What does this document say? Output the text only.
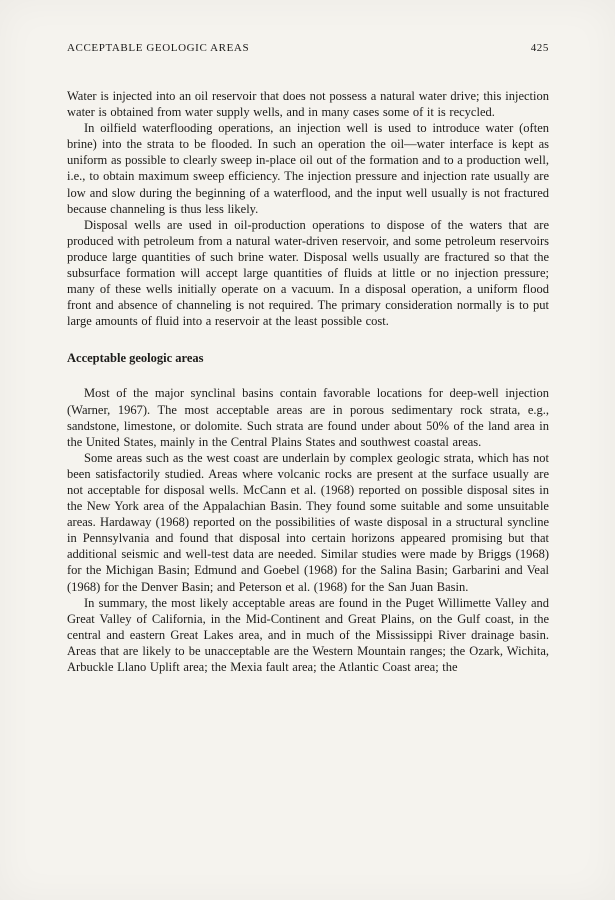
ACCEPTABLE GEOLOGIC AREAS	425

Water is injected into an oil reservoir that does not possess a natural water drive; this injection water is obtained from water supply wells, and in many cases some of it is recycled.

In oilfield waterflooding operations, an injection well is used to introduce water (often brine) into the strata to be flooded. In such an operation the oil—water interface is kept as uniform as possible to clearly sweep in-place oil out of the formation and to a production well, i.e., to obtain maximum sweep efficiency. The injection pressure and injection rate usually are low and slow during the beginning of a waterflood, and the input well usually is not fractured because channeling is thus less likely.

Disposal wells are used in oil-production operations to dispose of the waters that are produced with petroleum from a natural water-driven reservoir, and some petroleum reservoirs produce large quantities of such brine water. Disposal wells usually are fractured so that the subsurface formation will accept large quantities of fluids at little or no injection pressure; many of these wells initially operate on a vacuum. In a disposal operation, a uniform flood front and absence of channeling is not required. The primary consideration normally is to put large amounts of fluid into a reservoir at the least possible cost.

Acceptable geologic areas

Most of the major synclinal basins contain favorable locations for deep-well injection (Warner, 1967). The most acceptable areas are in porous sedimentary rock strata, e.g., sandstone, limestone, or dolomite. Such strata are found under about 50% of the land area in the United States, mainly in the Central Plains States and southwest coastal areas.

Some areas such as the west coast are underlain by complex geologic strata, which has not been satisfactorily studied. Areas where volcanic rocks are present at the surface usually are not acceptable for disposal wells. McCann et al. (1968) reported on possible disposal sites in the New York area of the Appalachian Basin. They found some suitable and some unsuitable areas. Hardaway (1968) reported on the possibilities of waste disposal in a structural syncline in Pennsylvania and found that disposal into certain horizons appeared promising but that additional seismic and well-test data are needed. Similar studies were made by Briggs (1968) for the Michigan Basin; Edmund and Goebel (1968) for the Salina Basin; Garbarini and Veal (1968) for the Denver Basin; and Peterson et al. (1968) for the San Juan Basin.

In summary, the most likely acceptable areas are found in the Puget Willimette Valley and Great Valley of California, in the Mid-Continent and Great Plains, on the Gulf coast, in the central and eastern Great Lakes area, and in much of the Mississippi River drainage basin. Areas that are likely to be unacceptable are the Western Mountain ranges; the Ozark, Wichita, Arbuckle Llano Uplift area; the Mexia fault area; the Atlantic Coast area; the
